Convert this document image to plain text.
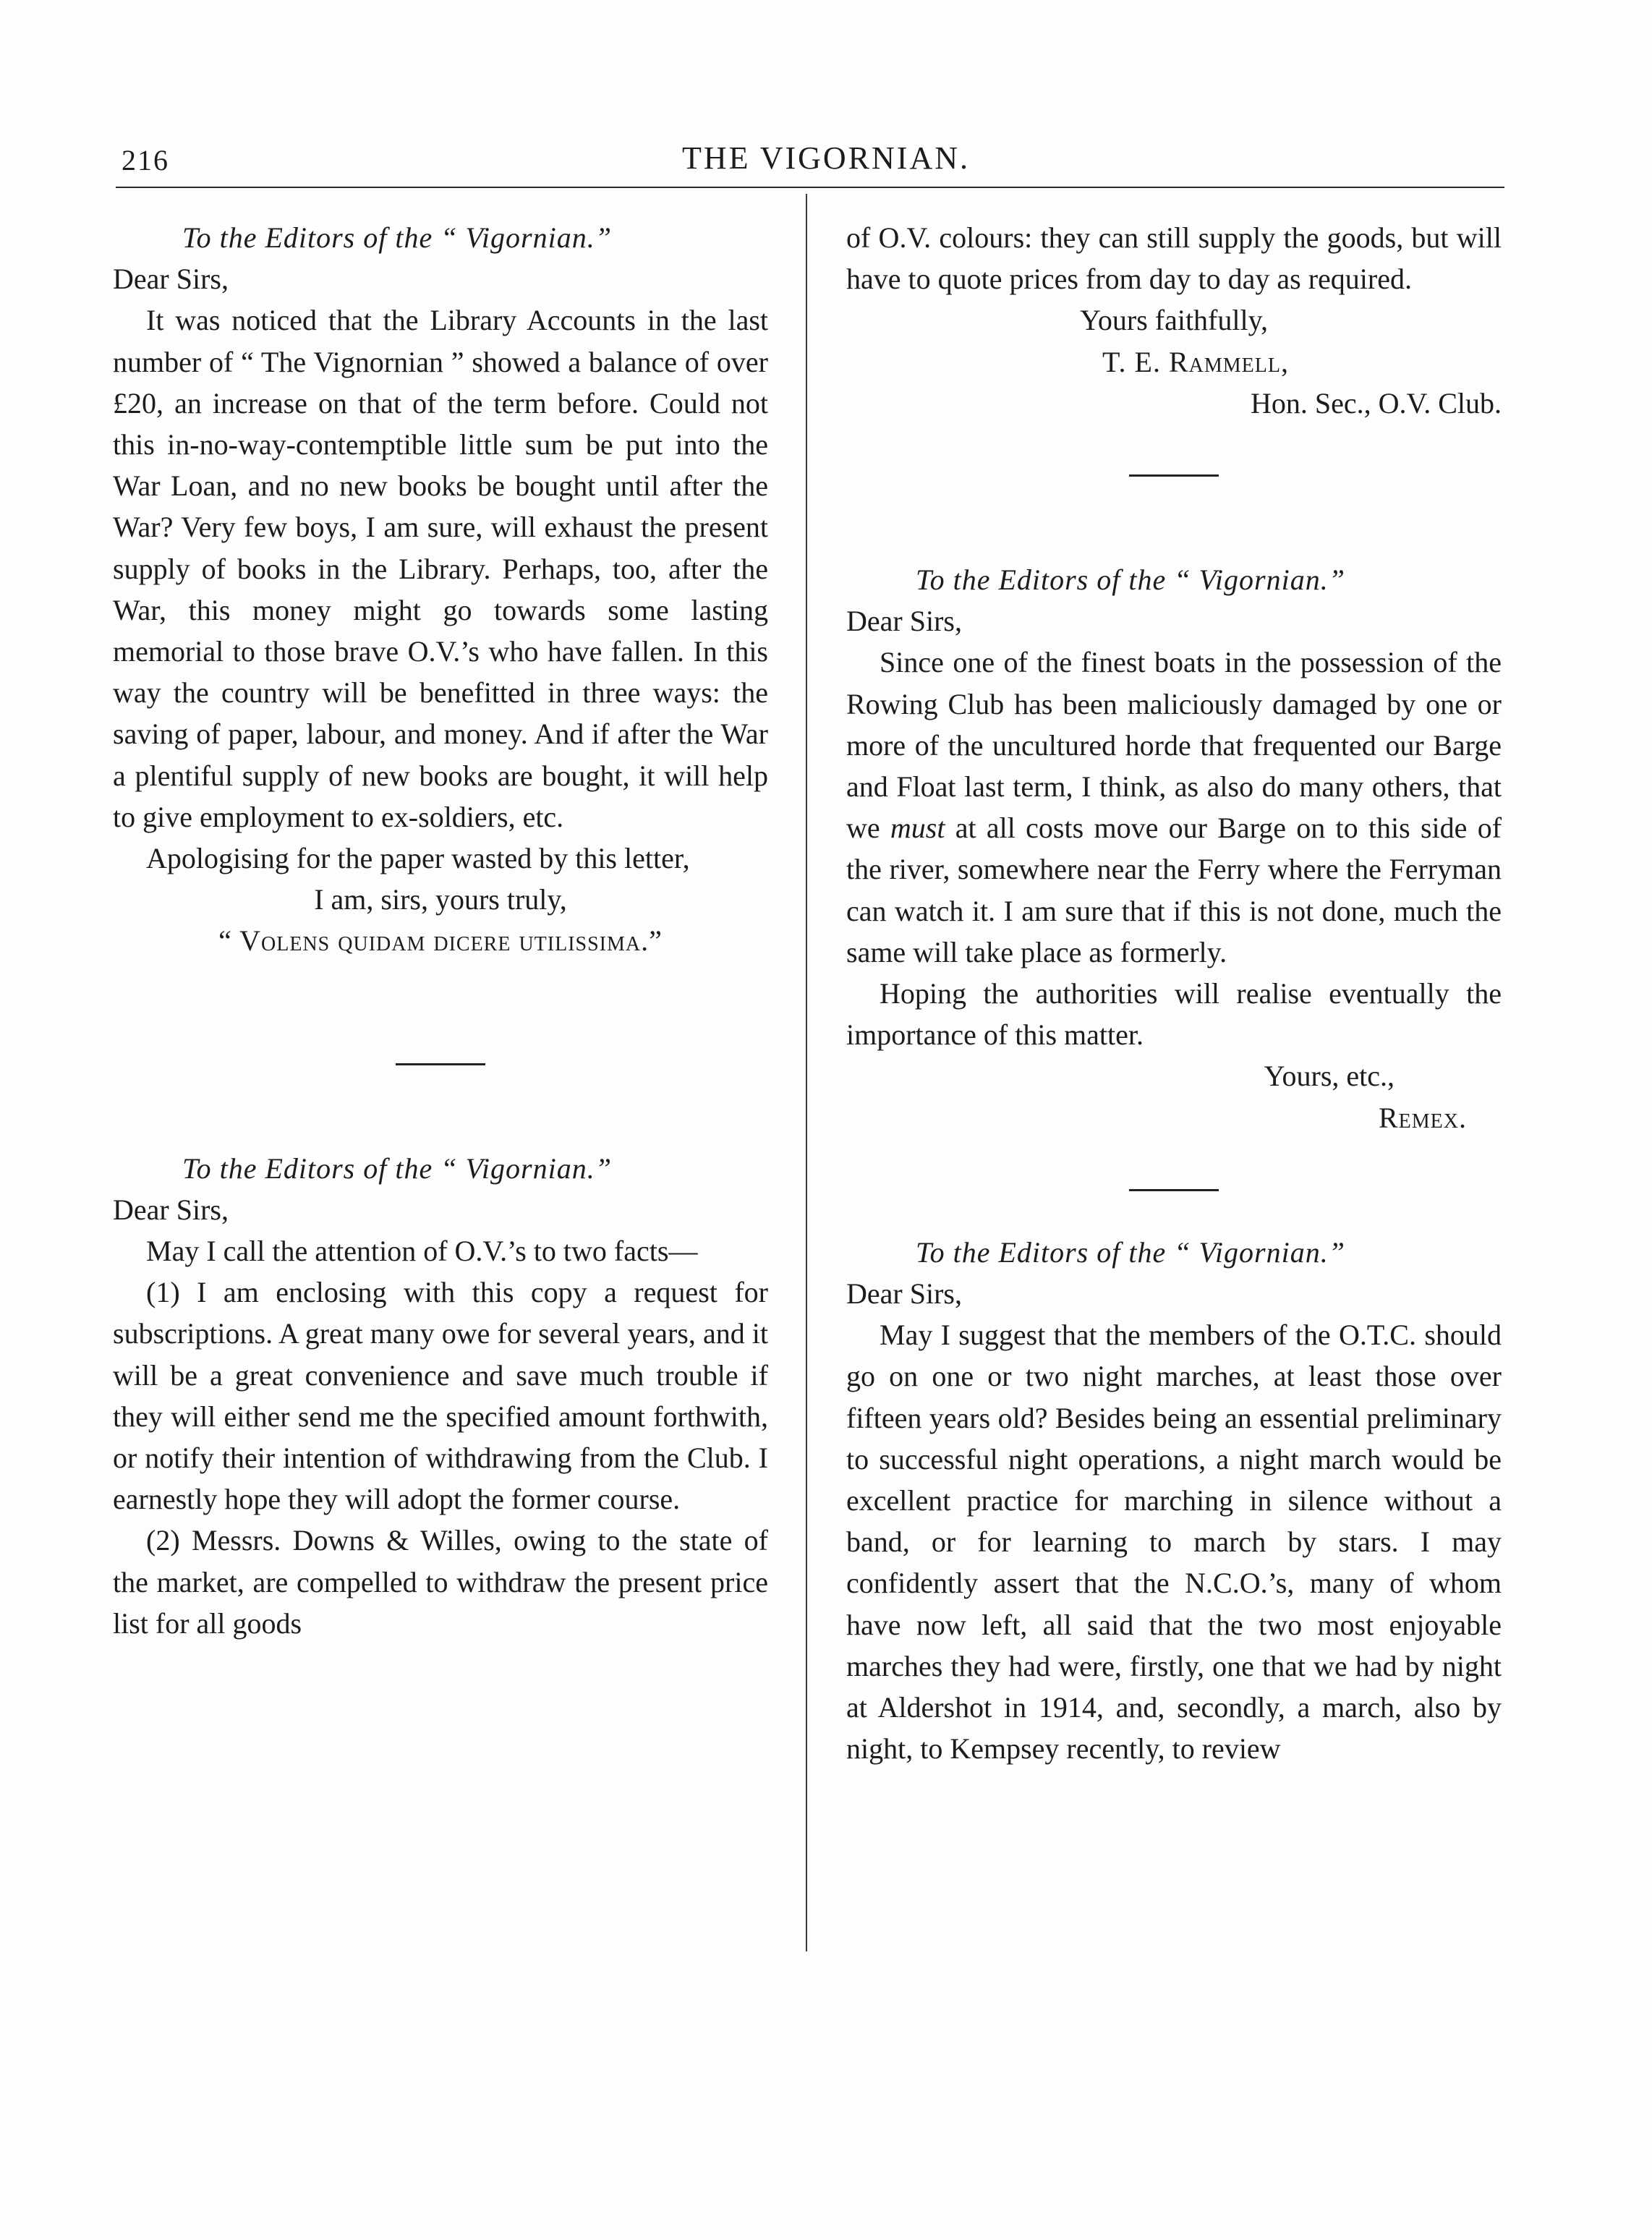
216	THE VIGORNIAN.

To the Editors of the “ Vigornian.”

Dear Sirs,

It was noticed that the Library Accounts in the last number of “ The Vignornian ” showed a balance of over £20, an increase on that of the term before. Could not this in-no-way-contemptible little sum be put into the War Loan, and no new books be bought until after the War? Very few boys, I am sure, will exhaust the present supply of books in the Library. Perhaps, too, after the War, this money might go towards some lasting memorial to those brave O.V.’s who have fallen. In this way the country will be benefitted in three ways: the saving of paper, labour, and money. And if after the War a plentiful supply of new books are bought, it will help to give employment to ex-soldiers, etc.

Apologising for the paper wasted by this letter,

I am, sirs, yours truly,

“ Volens quidam dicere utilissima.”

To the Editors of the “ Vigornian.”

Dear Sirs,

May I call the attention of O.V.’s to two facts—

(1) I am enclosing with this copy a request for subscriptions. A great many owe for several years, and it will be a great convenience and save much trouble if they will either send me the specified amount forthwith, or notify their intention of withdrawing from the Club. I earnestly hope they will adopt the former course.

(2) Messrs. Downs & Willes, owing to the state of the market, are compelled to withdraw the present price list for all goods

of O.V. colours: they can still supply the goods, but will have to quote prices from day to day as required.

Yours faithfully,

T. E. Rammell,

Hon. Sec., O.V. Club.

To the Editors of the “ Vigornian.”

Dear Sirs,

Since one of the finest boats in the possession of the Rowing Club has been maliciously damaged by one or more of the uncultured horde that frequented our Barge and Float last term, I think, as also do many others, that we must at all costs move our Barge on to this side of the river, somewhere near the Ferry where the Ferryman can watch it. I am sure that if this is not done, much the same will take place as formerly.

Hoping the authorities will realise eventually the importance of this matter.

Yours, etc.,

Remex.

To the Editors of the “ Vigornian.”

Dear Sirs,

May I suggest that the members of the O.T.C. should go on one or two night marches, at least those over fifteen years old? Besides being an essential preliminary to successful night operations, a night march would be excellent practice for marching in silence without a band, or for learning to march by stars. I may confidently assert that the N.C.O.’s, many of whom have now left, all said that the two most enjoyable marches they had were, firstly, one that we had by night at Aldershot in 1914, and, secondly, a march, also by night, to Kempsey recently, to review
